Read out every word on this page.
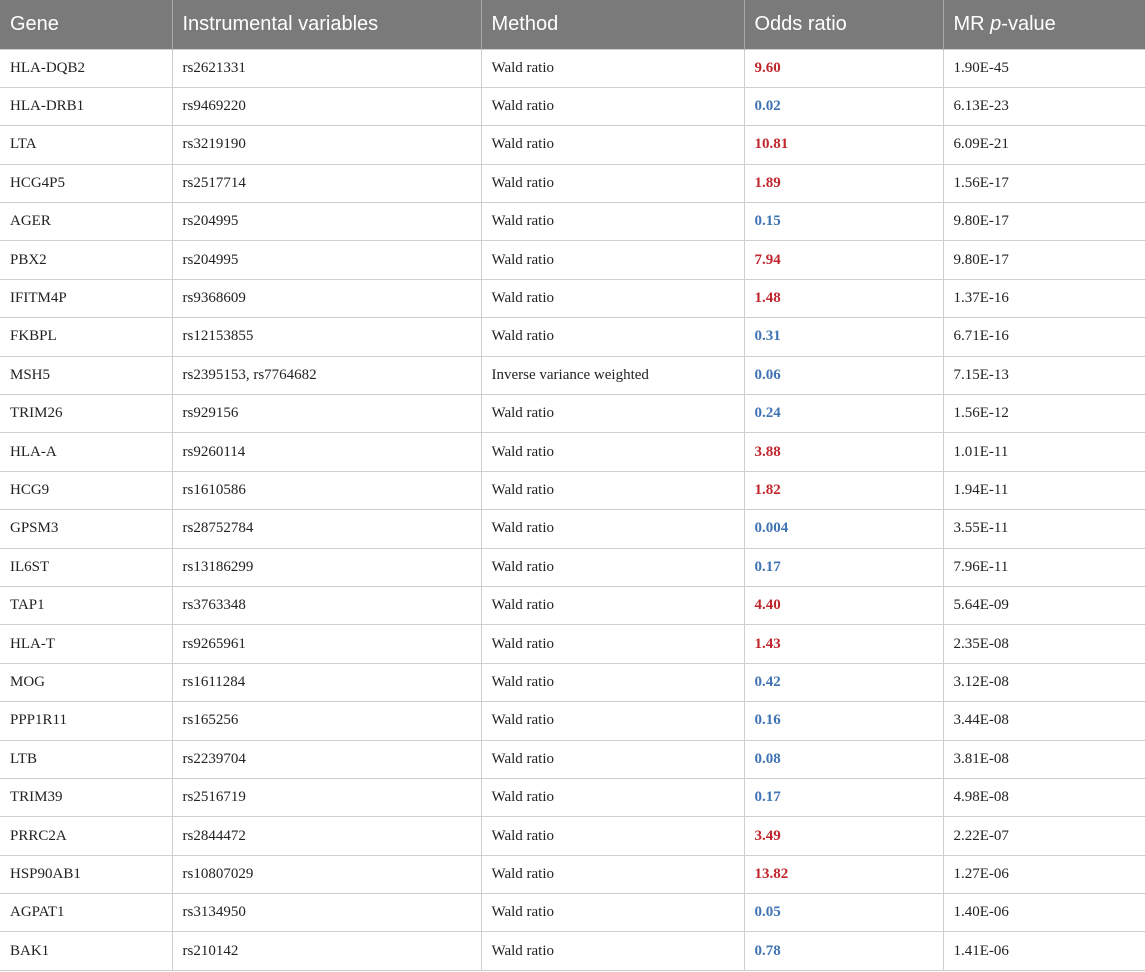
Gene	Instrumental variables	Method	Odds ratio	MR p-value
HLA-DQB2	rs2621331	Wald ratio	9.60	1.90E-45
HLA-DRB1	rs9469220	Wald ratio	0.02	6.13E-23
LTA	rs3219190	Wald ratio	10.81	6.09E-21
HCG4P5	rs2517714	Wald ratio	1.89	1.56E-17
AGER	rs204995	Wald ratio	0.15	9.80E-17
PBX2	rs204995	Wald ratio	7.94	9.80E-17
IFITM4P	rs9368609	Wald ratio	1.48	1.37E-16
FKBPL	rs12153855	Wald ratio	0.31	6.71E-16
MSH5	rs2395153, rs7764682	Inverse variance weighted	0.06	7.15E-13
TRIM26	rs929156	Wald ratio	0.24	1.56E-12
HLA-A	rs9260114	Wald ratio	3.88	1.01E-11
HCG9	rs1610586	Wald ratio	1.82	1.94E-11
GPSM3	rs28752784	Wald ratio	0.004	3.55E-11
IL6ST	rs13186299	Wald ratio	0.17	7.96E-11
TAP1	rs3763348	Wald ratio	4.40	5.64E-09
HLA-T	rs9265961	Wald ratio	1.43	2.35E-08
MOG	rs1611284	Wald ratio	0.42	3.12E-08
PPP1R11	rs165256	Wald ratio	0.16	3.44E-08
LTB	rs2239704	Wald ratio	0.08	3.81E-08
TRIM39	rs2516719	Wald ratio	0.17	4.98E-08
PRRC2A	rs2844472	Wald ratio	3.49	2.22E-07
HSP90AB1	rs10807029	Wald ratio	13.82	1.27E-06
AGPAT1	rs3134950	Wald ratio	0.05	1.40E-06
BAK1	rs210142	Wald ratio	0.78	1.41E-06
